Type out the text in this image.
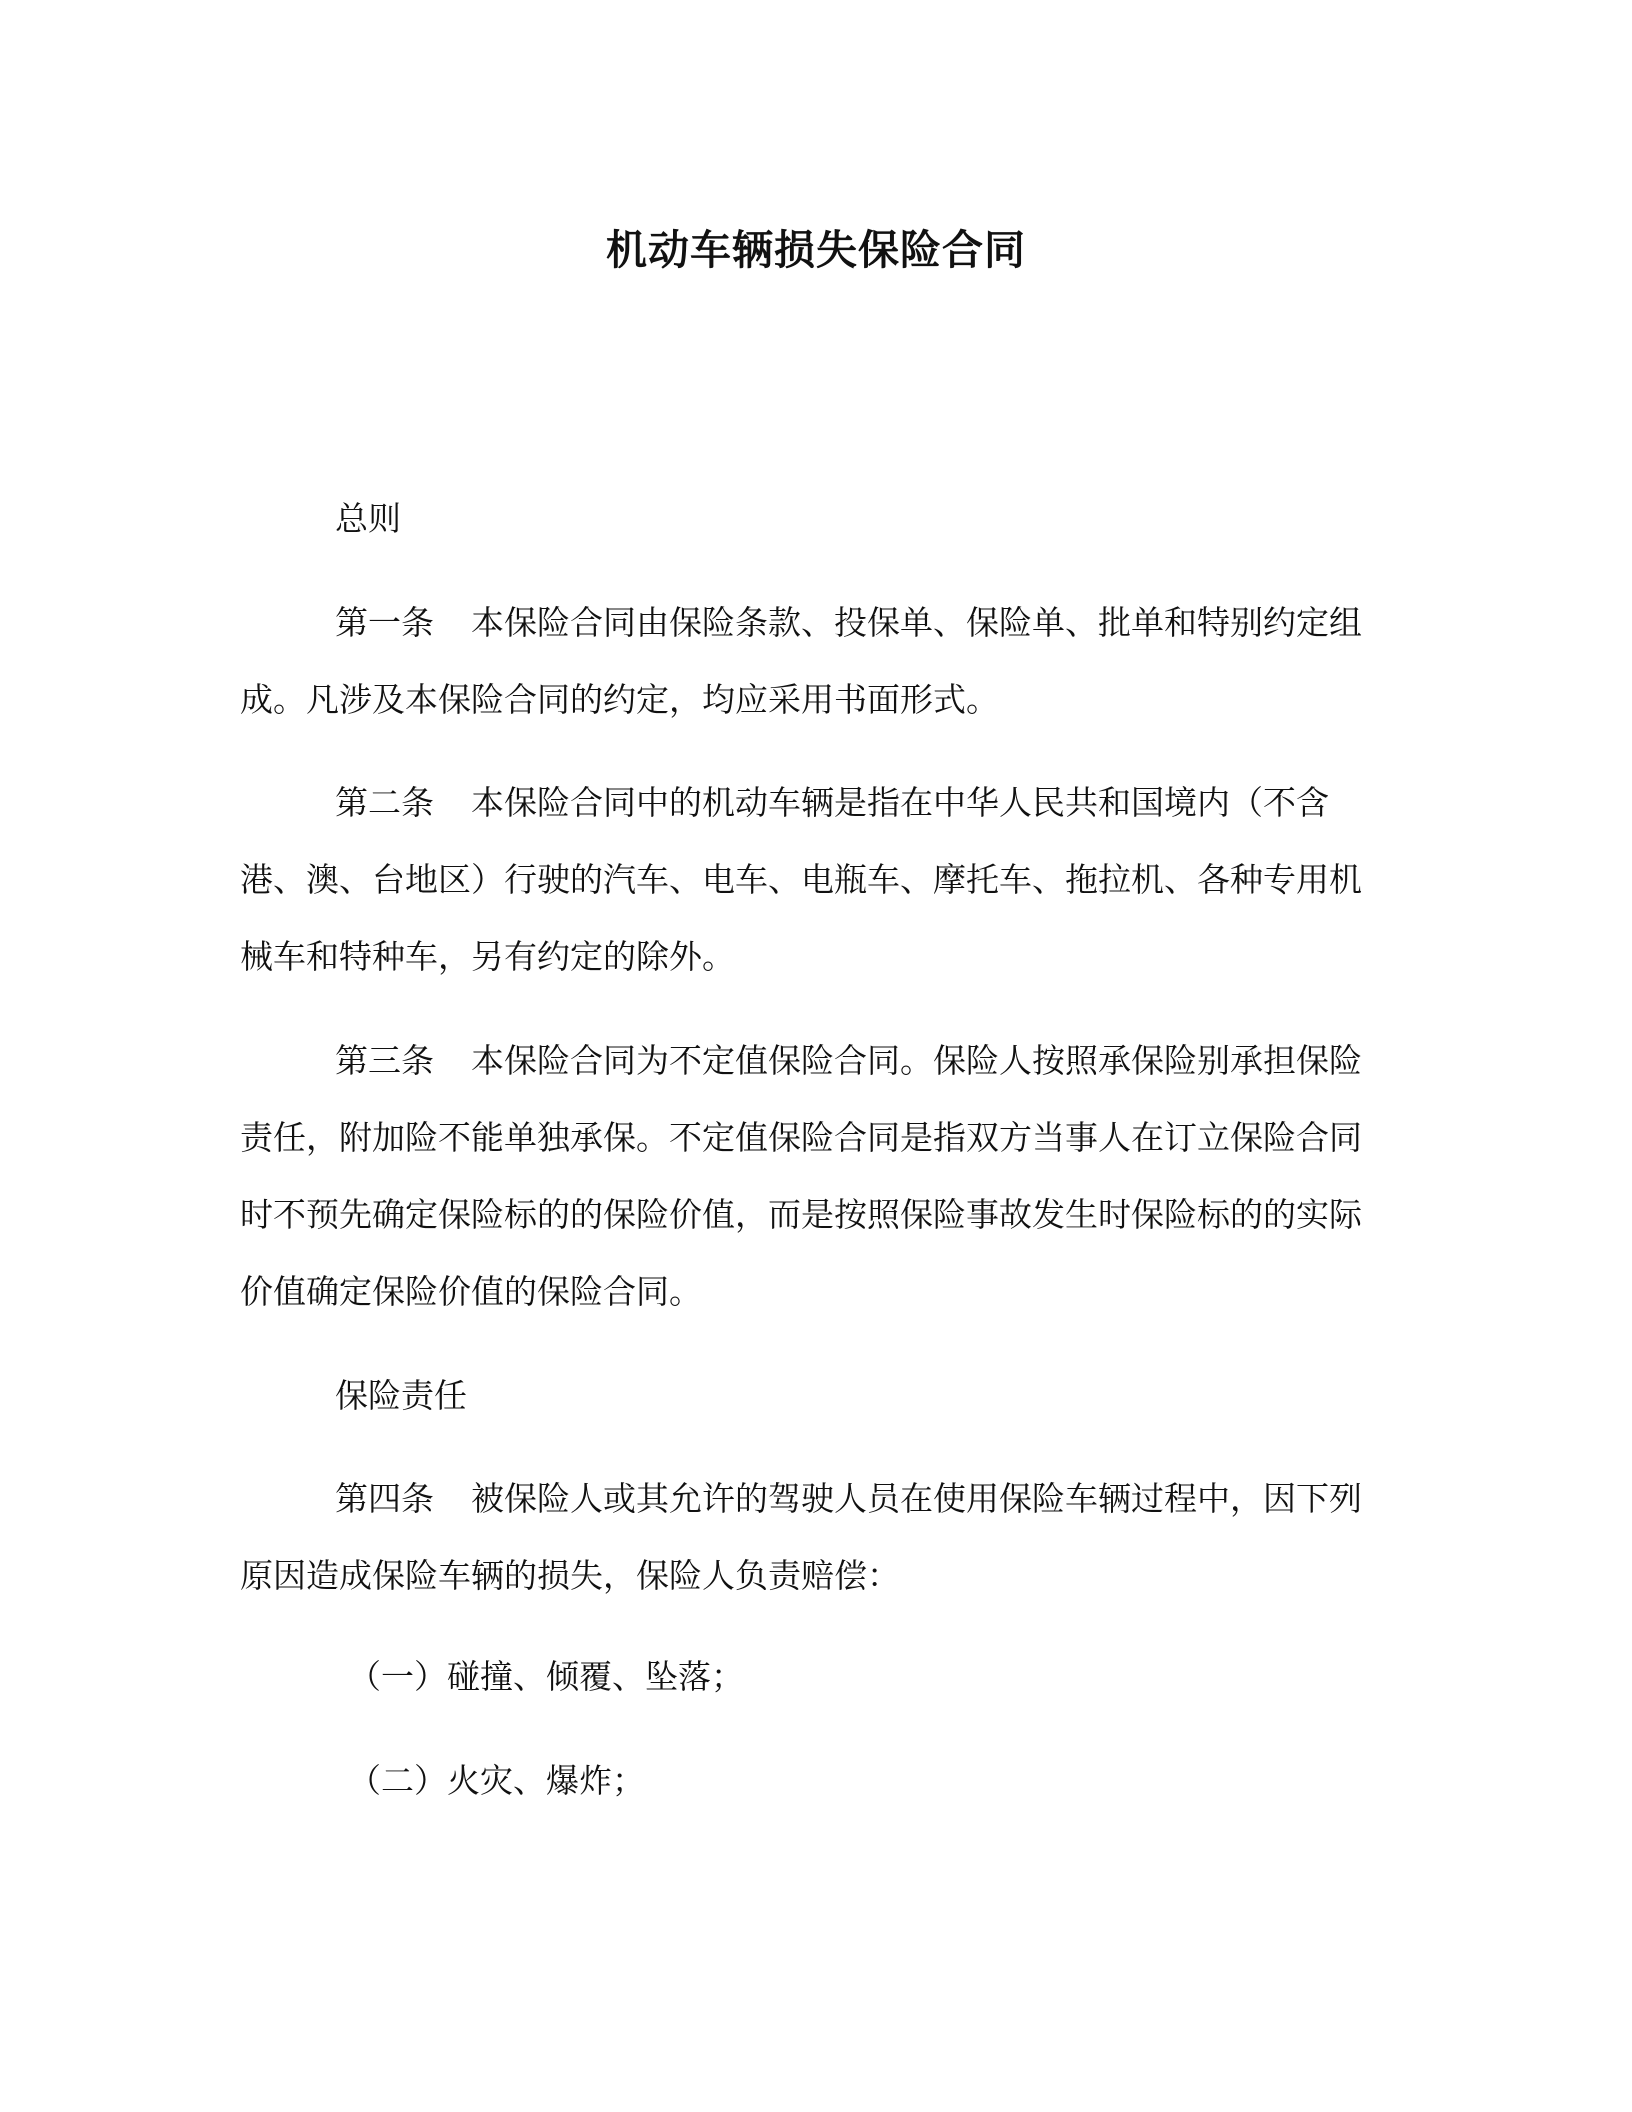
机动车辆损失保险合同

总则

第一条 本保险合同由保险条款、投保单、保险单、批单和特别约定组成。凡涉及本保险合同的约定，均应采用书面形式。

第二条 本保险合同中的机动车辆是指在中华人民共和国境内（不含港、澳、台地区）行驶的汽车、电车、电瓶车、摩托车、拖拉机、各种专用机械车和特种车，另有约定的除外。

第三条 本保险合同为不定值保险合同。保险人按照承保险别承担保险责任，附加险不能单独承保。不定值保险合同是指双方当事人在订立保险合同时不预先确定保险标的的保险价值，而是按照保险事故发生时保险标的的实际价值确定保险价值的保险合同。

保险责任

第四条 被保险人或其允许的驾驶人员在使用保险车辆过程中，因下列原因造成保险车辆的损失，保险人负责赔偿：

（一）碰撞、倾覆、坠落；

（二）火灾、爆炸；
